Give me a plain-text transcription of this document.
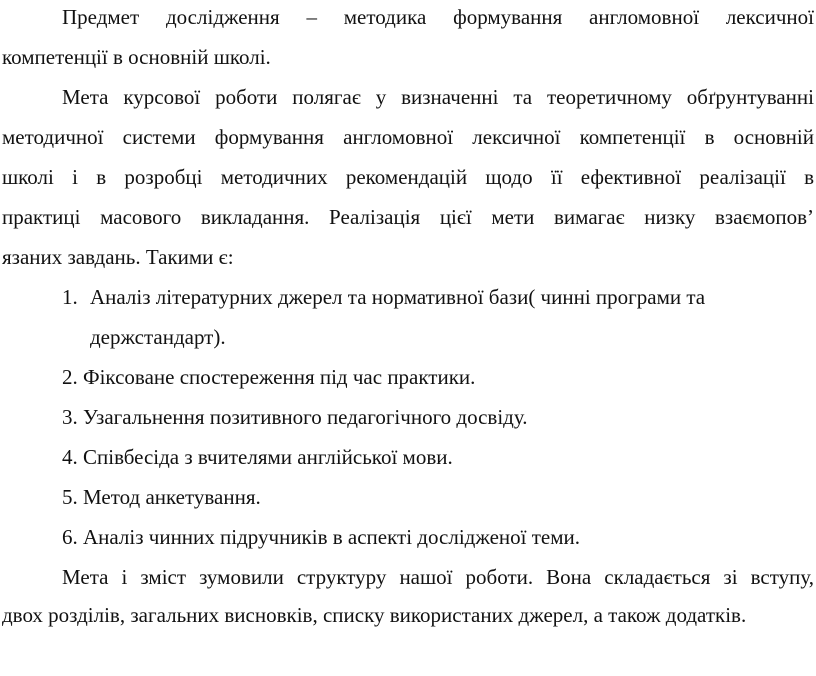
Предмет дослідження – методика формування англомовної лексичної
компетенції в основній школі.
Мета курсової роботи полягає у визначенні та теоретичному обґрунтуванні
методичної системи формування англомовної лексичної компетенції в основній
школі і в розробці методичних рекомендацій щодо її ефективної реалізації в
практиці масового викладання. Реалізація цієї мети вимагає низку взаємопов’
язаних завдань. Такими є:
1. Аналіз літературних джерел та нормативної бази( чинні програми та
держстандарт).
2. Фіксоване спостереження під час практики.
3. Узагальнення позитивного педагогічного досвіду.
4. Співбесіда з вчителями англійської мови.
5. Метод анкетування.
6. Аналіз чинних підручників в аспекті дослідженої теми.
Мета і зміст зумовили структуру нашої роботи. Вона складається зі вступу,
двох розділів, загальних висновків, списку використаних джерел, а також додатків.
